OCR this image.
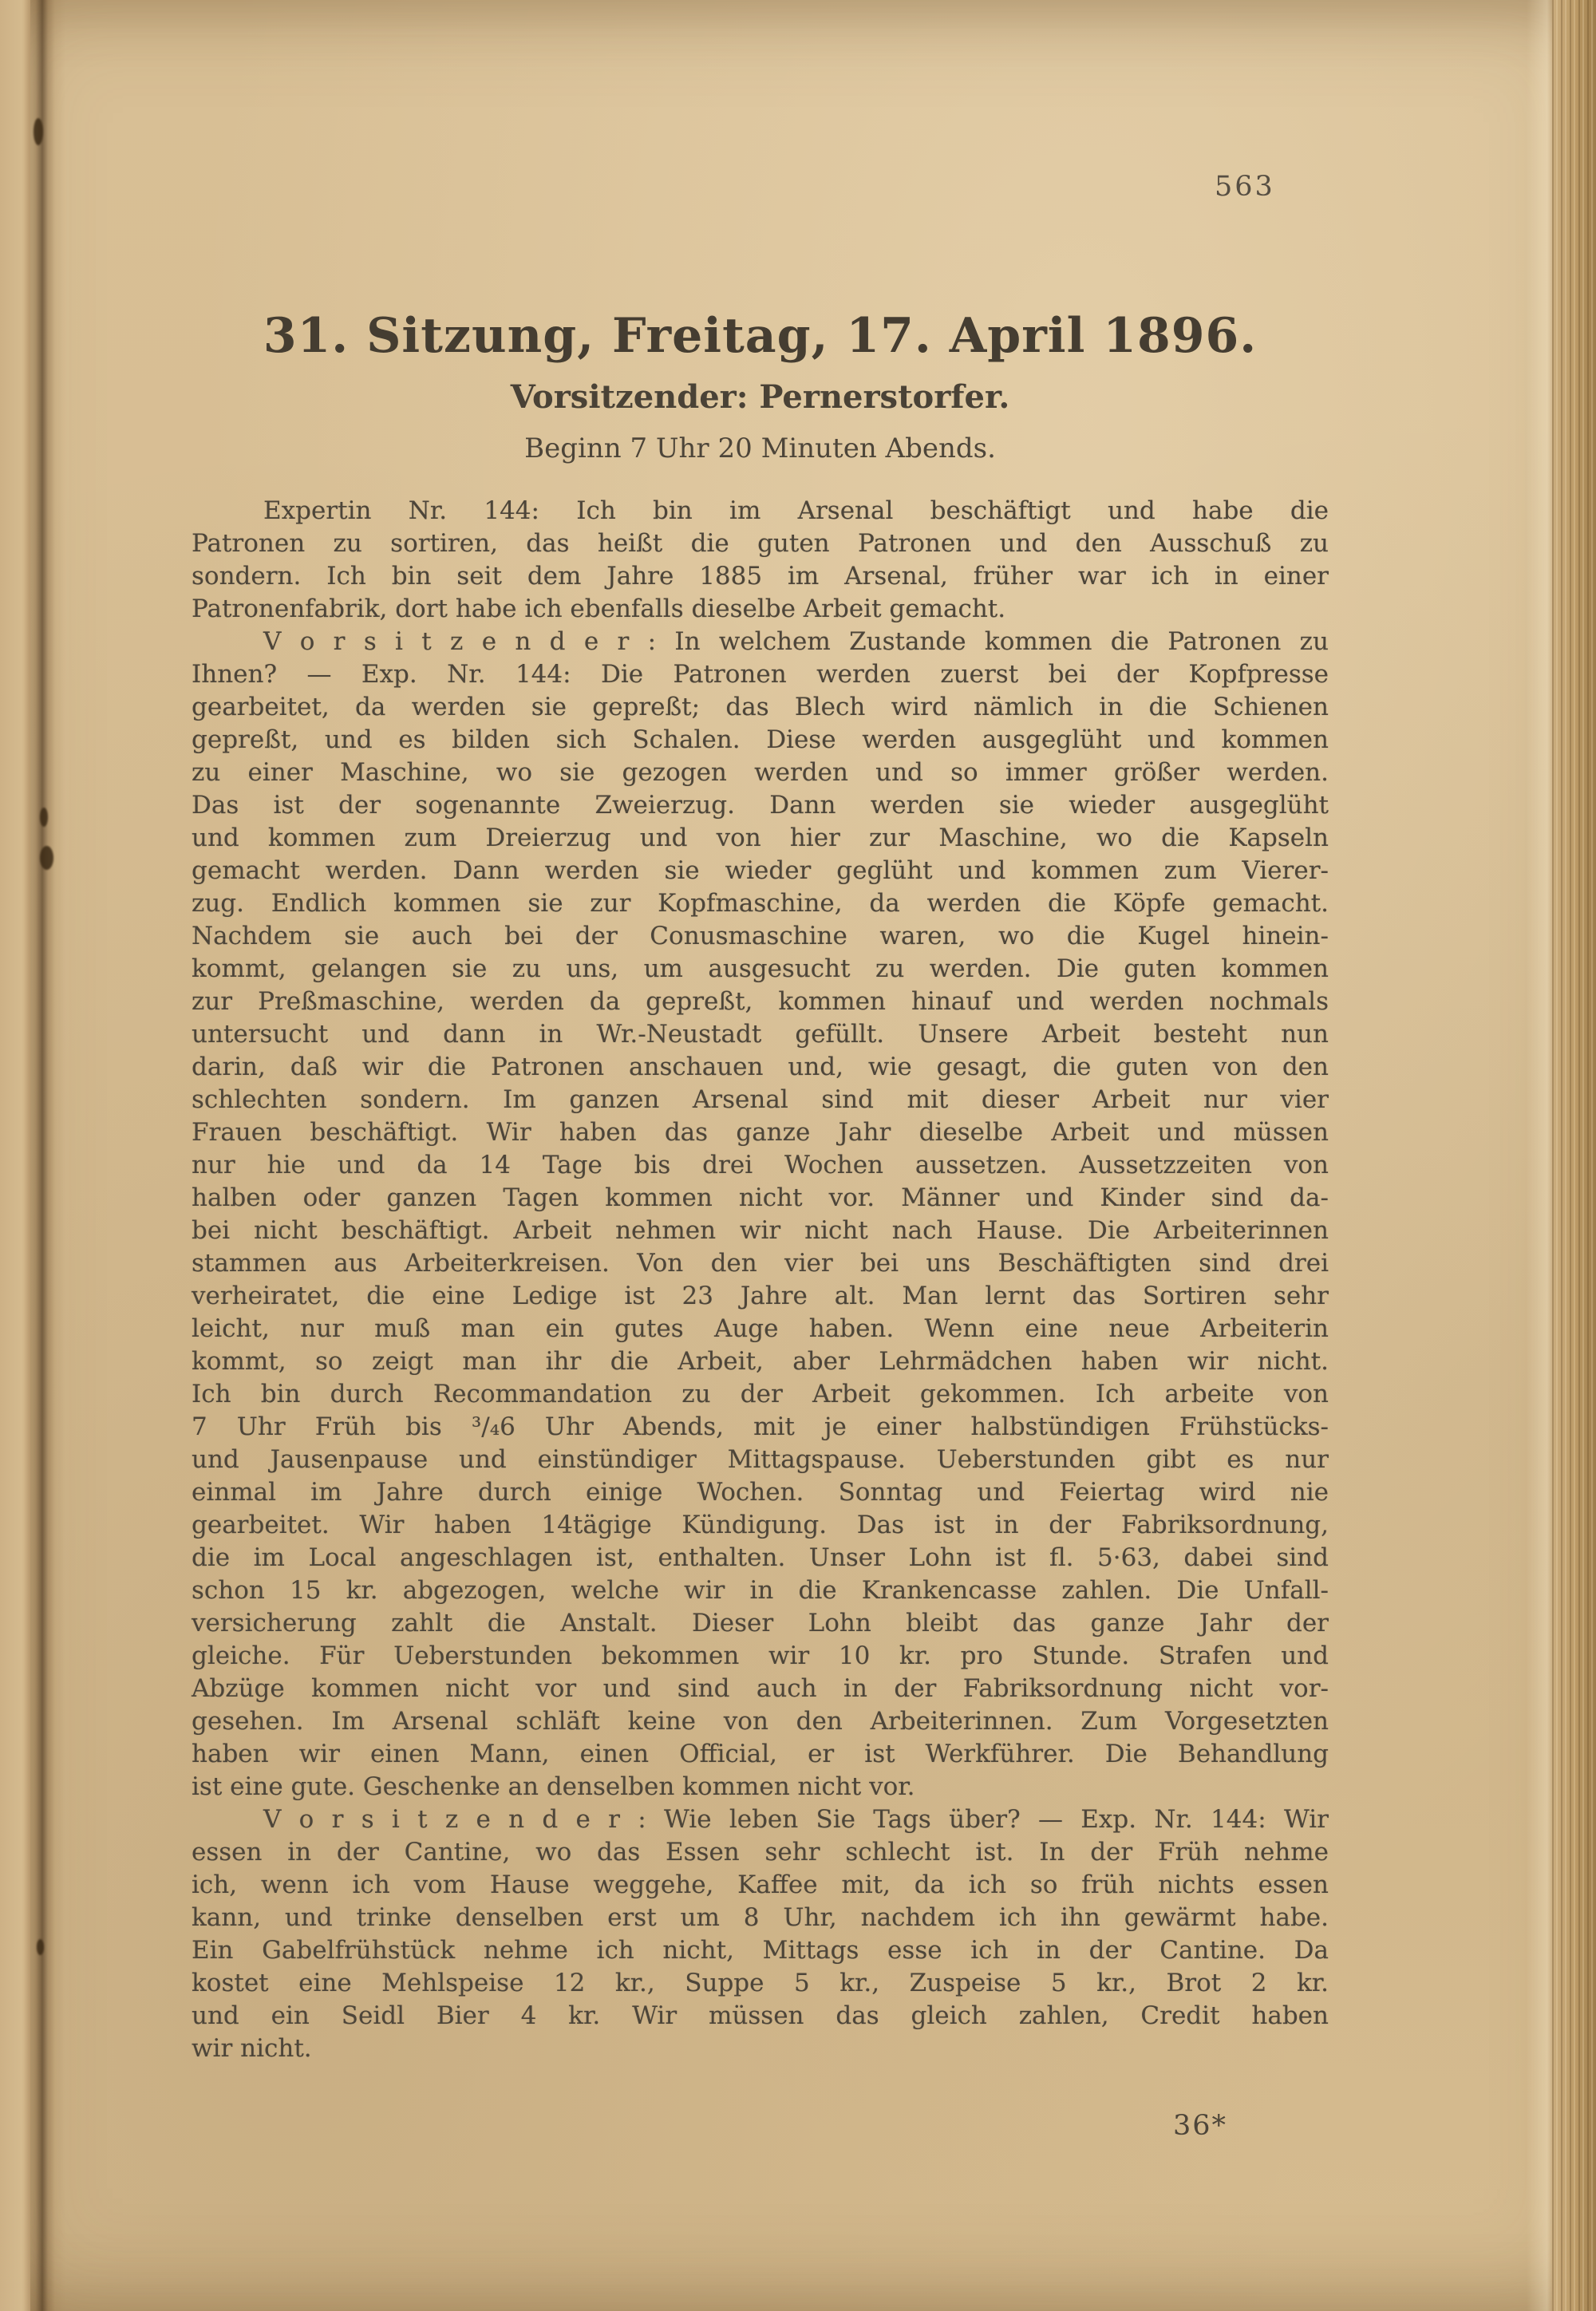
563
31. Sitzung, Freitag, 17. April 1896.
Vorsitzender: Pernerstorfer.
Beginn 7 Uhr 20 Minuten Abends.
Expertin Nr. 144: Ich bin im Arsenal beschäftigt und habe die
Patronen zu sortiren, das heißt die guten Patronen und den Ausschuß zu
sondern. Ich bin seit dem Jahre 1885 im Arsenal, früher war ich in einer
Patronenfabrik, dort habe ich ebenfalls dieselbe Arbeit gemacht.
V o r s i t z e n d e r : In welchem Zustande kommen die Patronen zu
Ihnen? — Exp. Nr. 144: Die Patronen werden zuerst bei der Kopfpresse
gearbeitet, da werden sie gepreßt; das Blech wird nämlich in die Schienen
gepreßt, und es bilden sich Schalen. Diese werden ausgeglüht und kommen
zu einer Maschine, wo sie gezogen werden und so immer größer werden.
Das ist der sogenannte Zweierzug. Dann werden sie wieder ausgeglüht
und kommen zum Dreierzug und von hier zur Maschine, wo die Kapseln
gemacht werden. Dann werden sie wieder geglüht und kommen zum Vierer-
zug. Endlich kommen sie zur Kopfmaschine, da werden die Köpfe gemacht.
Nachdem sie auch bei der Conusmaschine waren, wo die Kugel hinein-
kommt, gelangen sie zu uns, um ausgesucht zu werden. Die guten kommen
zur Preßmaschine, werden da gepreßt, kommen hinauf und werden nochmals
untersucht und dann in Wr.-Neustadt gefüllt. Unsere Arbeit besteht nun
darin, daß wir die Patronen anschauen und, wie gesagt, die guten von den
schlechten sondern. Im ganzen Arsenal sind mit dieser Arbeit nur vier
Frauen beschäftigt. Wir haben das ganze Jahr dieselbe Arbeit und müssen
nur hie und da 14 Tage bis drei Wochen aussetzen. Aussetzzeiten von
halben oder ganzen Tagen kommen nicht vor. Männer und Kinder sind da-
bei nicht beschäftigt. Arbeit nehmen wir nicht nach Hause. Die Arbeiterinnen
stammen aus Arbeiterkreisen. Von den vier bei uns Beschäftigten sind drei
verheiratet, die eine Ledige ist 23 Jahre alt. Man lernt das Sortiren sehr
leicht, nur muß man ein gutes Auge haben. Wenn eine neue Arbeiterin
kommt, so zeigt man ihr die Arbeit, aber Lehrmädchen haben wir nicht.
Ich bin durch Recommandation zu der Arbeit gekommen. Ich arbeite von
7 Uhr Früh bis ³/₄6 Uhr Abends, mit je einer halbstündigen Frühstücks-
und Jausenpause und einstündiger Mittagspause. Ueberstunden gibt es nur
einmal im Jahre durch einige Wochen. Sonntag und Feiertag wird nie
gearbeitet. Wir haben 14tägige Kündigung. Das ist in der Fabriksordnung,
die im Local angeschlagen ist, enthalten. Unser Lohn ist fl. 5·63, dabei sind
schon 15 kr. abgezogen, welche wir in die Krankencasse zahlen. Die Unfall-
versicherung zahlt die Anstalt. Dieser Lohn bleibt das ganze Jahr der
gleiche. Für Ueberstunden bekommen wir 10 kr. pro Stunde. Strafen und
Abzüge kommen nicht vor und sind auch in der Fabriksordnung nicht vor-
gesehen. Im Arsenal schläft keine von den Arbeiterinnen. Zum Vorgesetzten
haben wir einen Mann, einen Official, er ist Werkführer. Die Behandlung
ist eine gute. Geschenke an denselben kommen nicht vor.
V o r s i t z e n d e r : Wie leben Sie Tags über? — Exp. Nr. 144: Wir
essen in der Cantine, wo das Essen sehr schlecht ist. In der Früh nehme
ich, wenn ich vom Hause weggehe, Kaffee mit, da ich so früh nichts essen
kann, und trinke denselben erst um 8 Uhr, nachdem ich ihn gewärmt habe.
Ein Gabelfrühstück nehme ich nicht, Mittags esse ich in der Cantine. Da
kostet eine Mehlspeise 12 kr., Suppe 5 kr., Zuspeise 5 kr., Brot 2 kr.
und ein Seidl Bier 4 kr. Wir müssen das gleich zahlen, Credit haben
wir nicht.
36*
